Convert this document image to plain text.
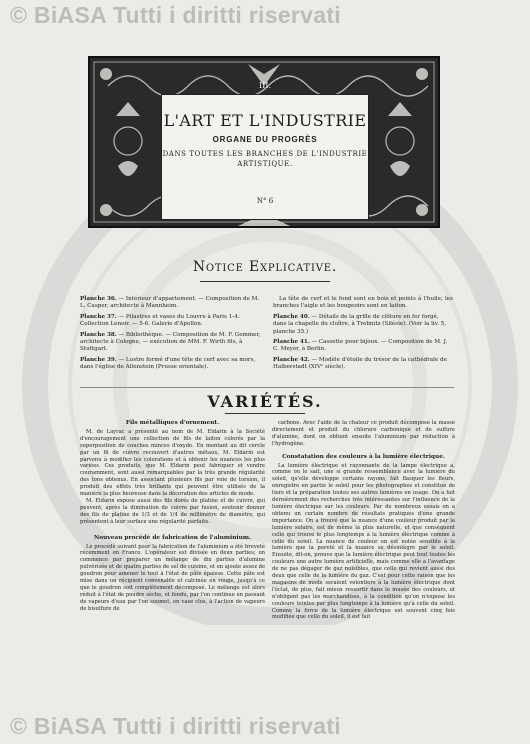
© BiASA Tutti i diritti riservati
© BiASA Tutti i diritti riservati
III.
L'ART ET L'INDUSTRIE
ORGANE DU PROGRÈS
DANS TOUTES LES BRANCHES DE L'INDUSTRIE
ARTISTIQUE.
N° 6
Notice Explicative.
Planche 36. — Intérieur d'appartement. — Composition de M. L. Casper, architecte à Mannheim.
Planche 37. — Pilastres et vases du Louvre à Paris 1-4. Collection Lenoir. — 5-6. Galerie d'Apollon.
Planche 38. — Bibliothèque. — Composition de M. F. Gemmer, architecte à Cologne, — exécution de MM. F. Wirth fils, à Stuttgart.
Planche 39. — Lustre formé d'une tête de cerf avec sa mors, dans l'église de Allenstein (Prusse orientale).
La tête de cerf et le fond sont en bois et peints à l'huile; les branches l'aigle et les bougeoirs sont en laiton.
Planche 40. — Détails de la grille de clôture en fer forgé, dans la chapelle du cloître, à Trebnitz (Silésie). (Voir la liv. 5, planche 35.)
Planche 41. — Cassette pour bijoux. — Composition de M. J. C. Meyer, à Berlin.
Planche 42. — Modèle d'étoile du trésor de la cathédrale de Halberstadt (XIVᵉ siècle).
VARIÉTÉS.
Fils métalliques d'ornement.
M. de Layrac a présenté au nom de M. Eldarin à la Société d'encouragement une collection de fils de laiton colorés par la superposition de couches minces d'oxyde. En montant au dit cercle par un fil de cuivre recouvert d'autres métaux, M. Eldarin est parvenu à modifier les colorations et à obtenir les nuances les plus variées. Ces produits, que M. Eldarin peut fabriquer et vendre couramment, sont aussi remarquables par la très grande régularité des tons obtenus. En associant plusieurs fils par voie de torsion, il produit des effets très brillants qui peuvent être utilisés de la manière la plus heureuse dans la décoration des articles de mode.
M. Eldarin expose aussi des fils dorés de platine et de cuivre, qui peuvent, après la diminution de cuivre par fusion, soutenir donner des fils de platine de 1/3 et de 1/4 de millimètre de diamètre, qui présentent à leur surface une régularité parfaite.
Nouveau procédé de fabrication de l'aluminium.
Le procédé suivant pour la fabrication de l'aluminium a été breveté récemment en France. L'opérateur est divisée en deux parties; on commence par préparer un mélange de dix parties d'alumine pulvérisée et de quatre parties de sel de cuisine, et on ajoute assez de goudron pour amener le tout à l'état de pâte épaisse. Cette pâte est mise dans un récipient convenable et calcinée en rouge, jusqu'à ce que le goudron soit complètement décomposé. Le mélange est alors réduit à l'état de poudre sèche, et fondu, par l'on continue en passant de vapeurs d'eau par l'on soumet, en vase clos, à l'action de vapeurs de bisulfure de
carbone. Avec l'aide de la chaleur ce produit décompose la masse directement et produit du chlorure carbonique et de sulfure d'alumine, dont on obtient ensuite l'aluminium par réduction à l'hydrogène.
Constatation des couleurs à la lumière électrique.
La lumière électrique et rayonnante de la lampe électrique a, comme on le sait, une si grande ressemblance avec la lumière du soleil, qu'elle développe certains rayons, fait flasquer les fleurs, enregistre en partie le soleil pour les photographes et constitue de tiers et la préparation toutes ses autres lumières en usage. On a fait dernièrement des recherches très intéressantes sur l'influence de la lumière électrique sur les couleurs. Par de nombreux essais on a obtenu un certain nombre de résultats pratiques d'une grande importance. On a trouvé que la nuance d'une couleur produit par la lumière solaire, est de même la plus naturelle, et que conséquent celle qui trouve le plus longtemps à la lumière électrique comme à celle du soleil. La nuance de couleur en est notée sensible à la lumière que la pureté et la nuance se désintègre par le soleil. Ensuite, dit-on, prouve que la lumière électrique peut tout toutes les couleurs une autre lumière artificielle, mais comme elle a l'avantage de ne pas dégager de gaz nuisibles, que celle qui revient aussi des deux que celle de la lumière du gaz. C'est pour cette raison que les magasins de mode seraient volontiers à la lumière électrique dont l'éclat, de plus, fait mieux ressortir dans le musée des couleurs, et n'obligent pas les marchandises, à la condition qu'on n'expose les couleurs teintes par plus longtemps à la lumière qu'à celle du soleil. Comme la force de la lumière électrique est souvent cinq fois modifiée que celle du soleil, il est fait
